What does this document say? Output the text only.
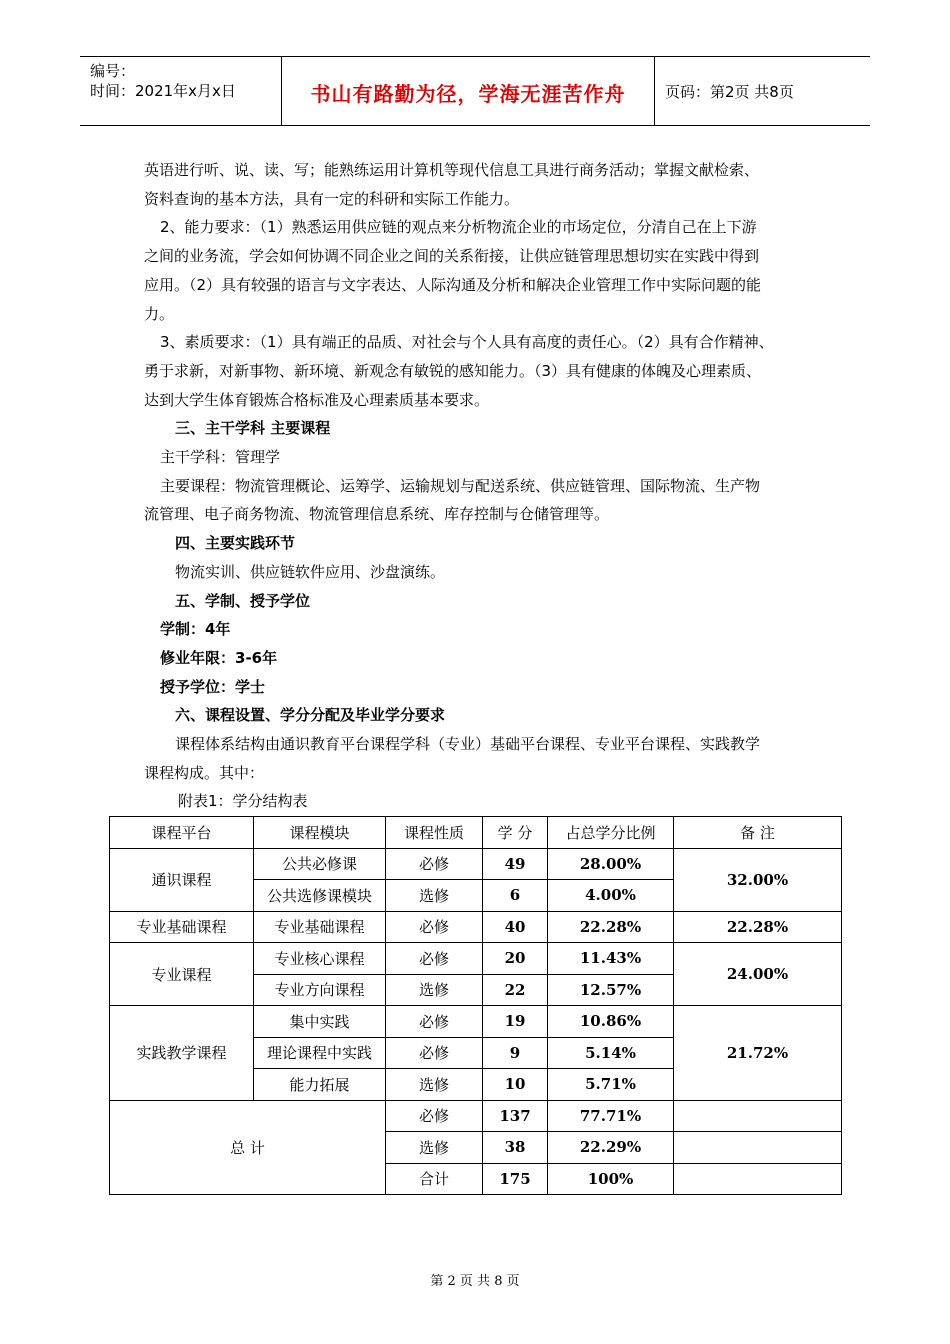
编号：
时间：2021年x月x日	书山有路勤为径，学海无涯苦作舟	页码：第2页 共8页

英语进行听、说、读、写；能熟练运用计算机等现代信息工具进行商务活动；掌握文献检索、

资料查询的基本方法，具有一定的科研和实际工作能力。

2、能力要求：（1）熟悉运用供应链的观点来分析物流企业的市场定位，分清自己在上下游

之间的业务流，学会如何协调不同企业之间的关系衔接，让供应链管理思想切实在实践中得到

应用。（2）具有较强的语言与文字表达、人际沟通及分析和解决企业管理工作中实际问题的能

力。

3、素质要求：（1）具有端正的品质、对社会与个人具有高度的责任心。（2）具有合作精神、

勇于求新，对新事物、新环境、新观念有敏锐的感知能力。（3）具有健康的体魄及心理素质、

达到大学生体育锻炼合格标准及心理素质基本要求。

三、主干学科 主要课程

主干学科：管理学

主要课程：物流管理概论、运筹学、运输规划与配送系统、供应链管理、国际物流、生产物

流管理、电子商务物流、物流管理信息系统、库存控制与仓储管理等。

四、主要实践环节

物流实训、供应链软件应用、沙盘演练。

五、学制、授予学位

学制：4年

修业年限：3-6年

授予学位：学士

六、课程设置、学分分配及毕业学分要求

课程体系结构由通识教育平台课程学科（专业）基础平台课程、专业平台课程、实践教学

课程构成。其中：

附表1：学分结构表

课程平台	课程模块	课程性质	学 分	占总学分比例	备 注
通识课程	公共必修课	必修	49	28.00%	32.00%
	公共选修课模块	选修	6	4.00%	
专业基础课程	专业基础课程	必修	40	22.28%	22.28%
专业课程	专业核心课程	必修	20	11.43%	24.00%
	专业方向课程	选修	22	12.57%	
实践教学课程	集中实践	必修	19	10.86%	21.72%
	理论课程中实践	必修	9	5.14%	
	能力拓展	选修	10	5.71%	
总 计		必修	137	77.71%	
		选修	38	22.29%	
		合计	175	100%	
第 2 页 共 8 页
